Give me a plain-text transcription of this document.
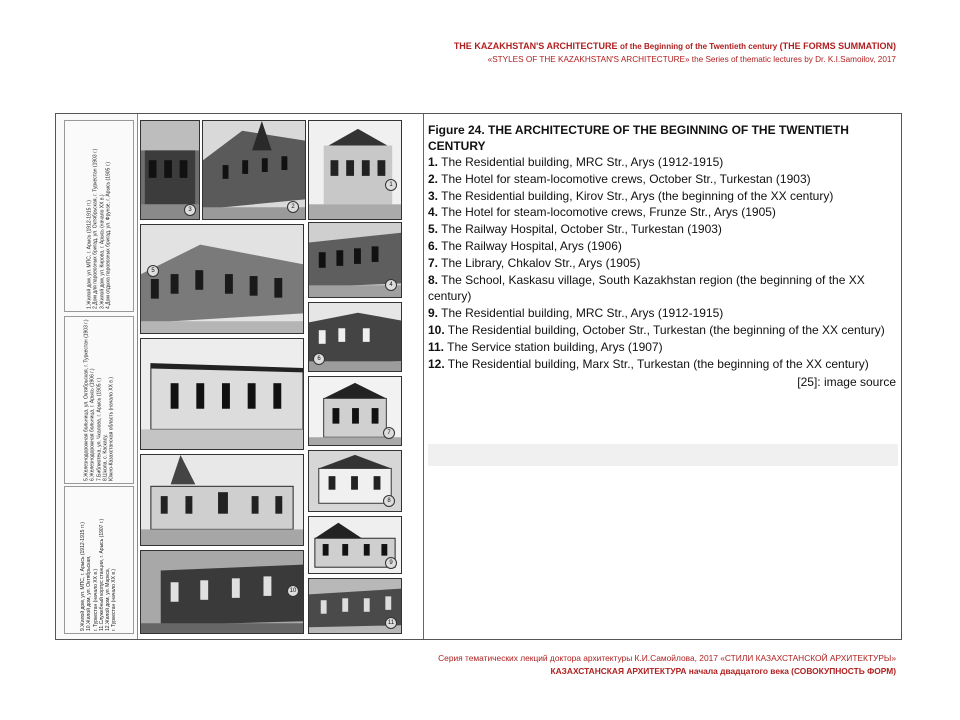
THE KAZAKHSTAN'S ARCHITECTURE of the Beginning of the Twentieth century (THE FORMS SUMMATION)
«STYLES OF THE KAZAKHSTAN'S ARCHITECTURE» the Series of thematic lectures by Dr. K.I.Samoilov, 2017
1.Жилой дом, ул. МПС, г. Арысь (1912-1915 гг.)
2.Дом для паровозных бригад, ул. Октябрьская, г. Туркестан (1903 г.)
3.Жилой дом, ул. Кирова, г. Арысь (начало XX в.)
4.Дом отдыха паровозных бригад, ул. Фрунзе, г. Арысь (1905 г.)
5.Железнодорожная больница, ул. Октябрьская, г. Туркестан (1903 г.)
6.Железнодорожная больница, г. Арысь (1906 г.)
7.Библиотека, ул. Чкалова, г. Арысь (1905 г.)
8.Школа, с. Каскасу,
Южно-Казахстанская область (начало XX в.)
9.Жилой дом, ул. МПС, г. Арысь (1912-1915 гг.)
10.Жилой дом, ул. Октябрьская,
г. Туркестан (начало XX в.)
11.Служебный корпус станции, г. Арысь (1907 г.)
12.Жилой дом, ул. Маркса,
г. Туркестан (начало XX в.)
3	2
1
5
4
6
7
8
10
9
11
Figure 24. THE ARCHITECTURE OF THE BEGINNING OF THE TWENTIETH CENTURY
1. The Residential building, MRC Str., Arys (1912-1915)
2. The Hotel for steam-locomotive crews, October Str., Turkestan (1903)
3. The Residential building, Kirov Str., Arys (the beginning of the XX century)
4. The Hotel for steam-locomotive crews, Frunze Str., Arys (1905)
5. The Railway Hospital, October Str., Turkestan (1903)
6. The Railway Hospital, Arys (1906)
7. The Library, Chkalov Str., Arys (1905)
8. The School, Kaskasu village, South Kazakhstan region (the beginning of the XX century)
9. The Residential building, MRC Str., Arys (1912-1915)
10. The Residential building, October Str., Turkestan (the beginning of the XX century)
11. The Service station building, Arys (1907)
12. The Residential building, Marx Str., Turkestan (the beginning of the XX century)
[25]: image source
Серия тематических лекций доктора архитектуры К.И.Самойлова, 2017 «СТИЛИ КАЗАХСТАНСКОЙ АРХИТЕКТУРЫ»
КАЗАХСТАНСКАЯ АРХИТЕКТУРА начала двадцатого века (СОВОКУПНОСТЬ ФОРМ)
